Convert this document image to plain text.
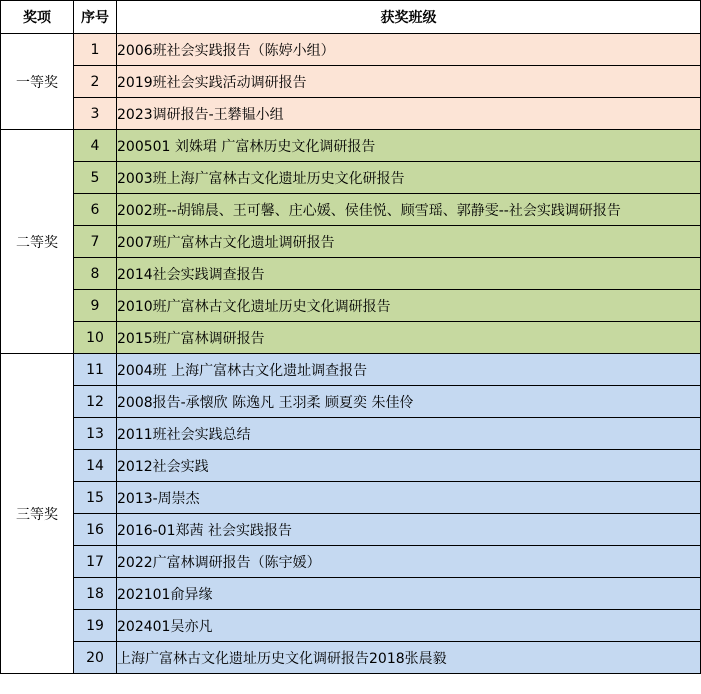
奖项	序号	获奖班级
一等奖	1	2006班社会实践报告（陈婷小组）
	2	2019班社会实践活动调研报告
	3	2023调研报告-王礬韫小组
二等奖	4	200501 刘姝珺 广富林历史文化调研报告
	5	2003班上海广富林古文化遗址历史文化研报告
	6	2002班--胡锦晨、王可馨、庄心媛、侯佳悦、顾雪瑶、郭静雯--社会实践调研报告
	7	2007班广富林古文化遗址调研报告
	8	2014社会实践调查报告
	9	2010班广富林古文化遗址历史文化调研报告
	10	2015班广富林调研报告
三等奖	11	2004班 上海广富林古文化遗址调查报告
	12	2008报告-承懐欣 陈逸凡 王羽柔 顾夏奕 朱佳伶
	13	2011班社会实践总结
	14	2012社会实践
	15	2013-周崇杰
	16	2016-01郑茜 社会实践报告
	17	2022广富林调研报告（陈宇媛）
	18	202101俞异缘
	19	202401吴亦凡
	20	上海广富林古文化遗址历史文化调研报告2018张晨毅
